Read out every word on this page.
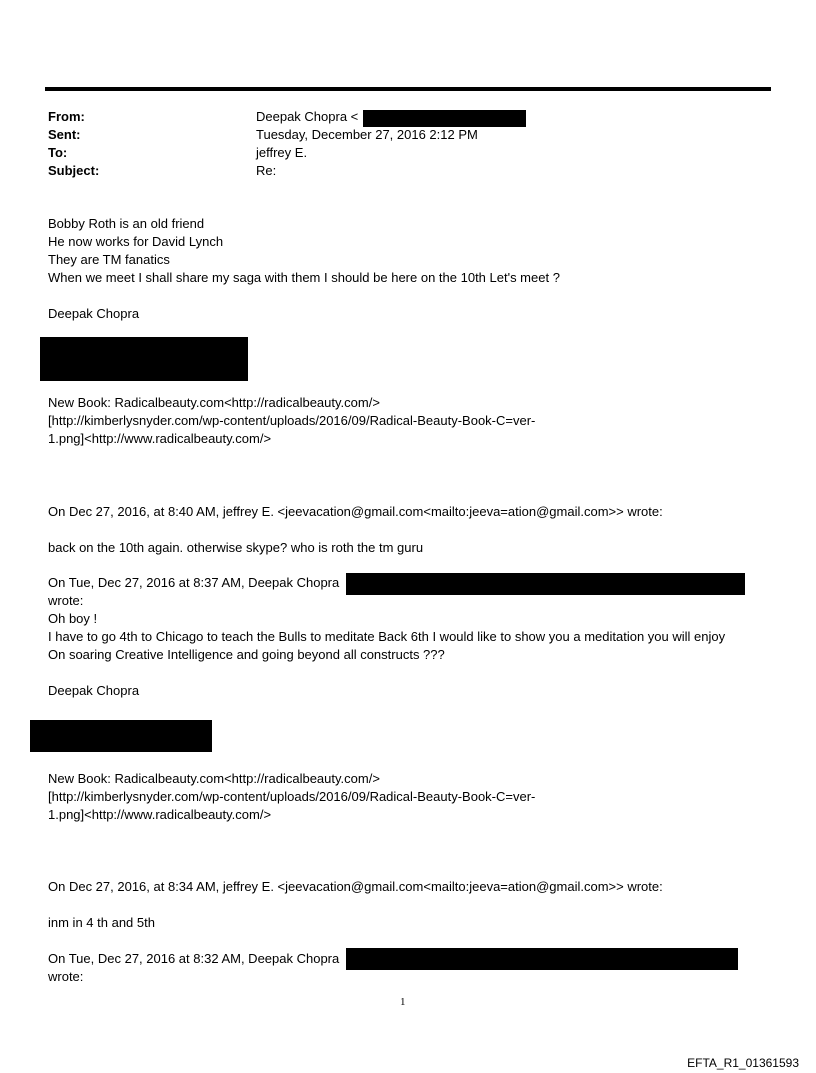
From:	Deepak Chopra <
Sent:	Tuesday, December 27, 2016 2:12 PM
To:	jeffrey E.
Subject:	Re:
Bobby Roth is an old friend
He now works for David Lynch
They are TM fanatics
When we meet I shall share my saga with them I should be here on the 10th Let's meet ?
Deepak Chopra
New Book: Radicalbeauty.com<http://radicalbeauty.com/>
[http://kimberlysnyder.com/wp-content/uploads/2016/09/Radical-Beauty-Book-C=ver-
1.png]<http://www.radicalbeauty.com/>
On Dec 27, 2016, at 8:40 AM, jeffrey E. <jeevacation@gmail.com<mailto:jeeva=ation@gmail.com>> wrote:
back on the 10th again. otherwise skype? who is roth the tm guru
On Tue, Dec 27, 2016 at 8:37 AM, Deepak Chopra
wrote:
Oh boy !
I have to go 4th to Chicago to teach the Bulls to meditate Back 6th I would like to show you a meditation you will enjoy
On soaring Creative Intelligence and going beyond all constructs ???
Deepak Chopra
New Book: Radicalbeauty.com<http://radicalbeauty.com/>
[http://kimberlysnyder.com/wp-content/uploads/2016/09/Radical-Beauty-Book-C=ver-
1.png]<http://www.radicalbeauty.com/>
On Dec 27, 2016, at 8:34 AM, jeffrey E. <jeevacation@gmail.com<mailto:jeeva=ation@gmail.com>> wrote:
inm in 4 th and 5th
On Tue, Dec 27, 2016 at 8:32 AM, Deepak Chopra
wrote:
1
EFTA_R1_01361593
